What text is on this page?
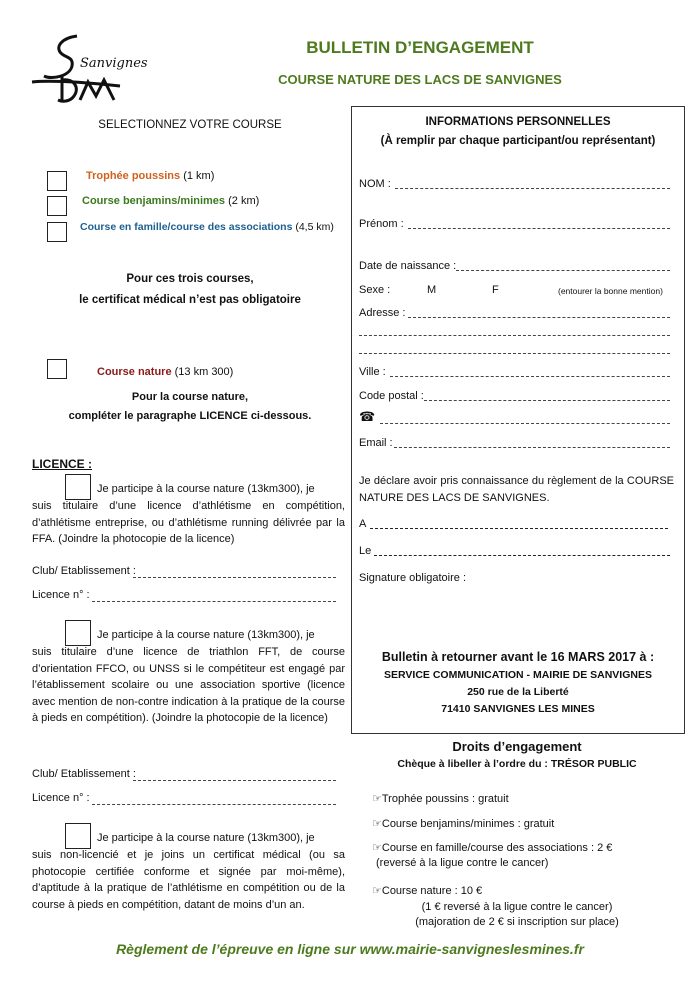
Sanvignes
BULLETIN D’ENGAGEMENT
COURSE NATURE DES LACS DE SANVIGNES
SELECTIONNEZ VOTRE COURSE
Trophée poussins (1 km)
Course benjamins/minimes (2 km)
Course en famille/course des associations (4,5 km)
Pour ces trois courses,
le certificat médical n’est pas obligatoire
Course nature (13 km 300)
Pour la course nature,
compléter le paragraphe LICENCE ci-dessous.
LICENCE :
Je participe à la course nature (13km300), je
suis titulaire d’une licence d’athlétisme en compétition, d’athlétisme entreprise, ou d’athlétisme running délivrée par la FFA. (Joindre la photocopie de la licence)
Club/ Etablissement :
Licence n° :
Je participe à la course nature (13km300), je
suis titulaire d’une licence de triathlon FFT, de course d’orientation FFCO, ou UNSS si le compétiteur est engagé par l’établissement scolaire ou une association sportive (licence avec mention de non-contre indication à la pratique de la course à pieds en compétition). (Joindre la photocopie de la licence)
Club/ Etablissement :
Licence n° :
Je participe à la course nature (13km300), je
suis non-licencié et je joins un certificat médical (ou sa photocopie certifiée conforme et signée par moi-même), d’aptitude à la pratique de l’athlétisme en compétition ou de la course à pieds en compétition, datant de moins d’un an.
INFORMATIONS PERSONNELLES
(À remplir par chaque participant/ou représentant)
NOM :
Prénom :
Date de naissance :
Sexe :	M	F	(entourer la bonne mention)
Adresse :
Ville :
Code postal :
☎
Email :
Je déclare avoir pris connaissance du règlement de la COURSE NATURE DES LACS DE SANVIGNES.
A
Le
Signature obligatoire :
Bulletin à retourner avant le 16 MARS 2017 à :
SERVICE COMMUNICATION - MAIRIE DE SANVIGNES
250 rue de la Liberté
71410 SANVIGNES LES MINES
Droits d’engagement
Chèque à libeller à l’ordre du : TRÉSOR PUBLIC
☞Trophée poussins : gratuit
☞Course benjamins/minimes : gratuit
☞Course en famille/course des associations : 2 €
(reversé à la ligue contre le cancer)
☞Course nature : 10 €
(1 € reversé à la ligue contre le cancer)
(majoration de 2 € si inscription sur place)
Règlement de l’épreuve en ligne sur www.mairie-sanvigneslesmines.fr
